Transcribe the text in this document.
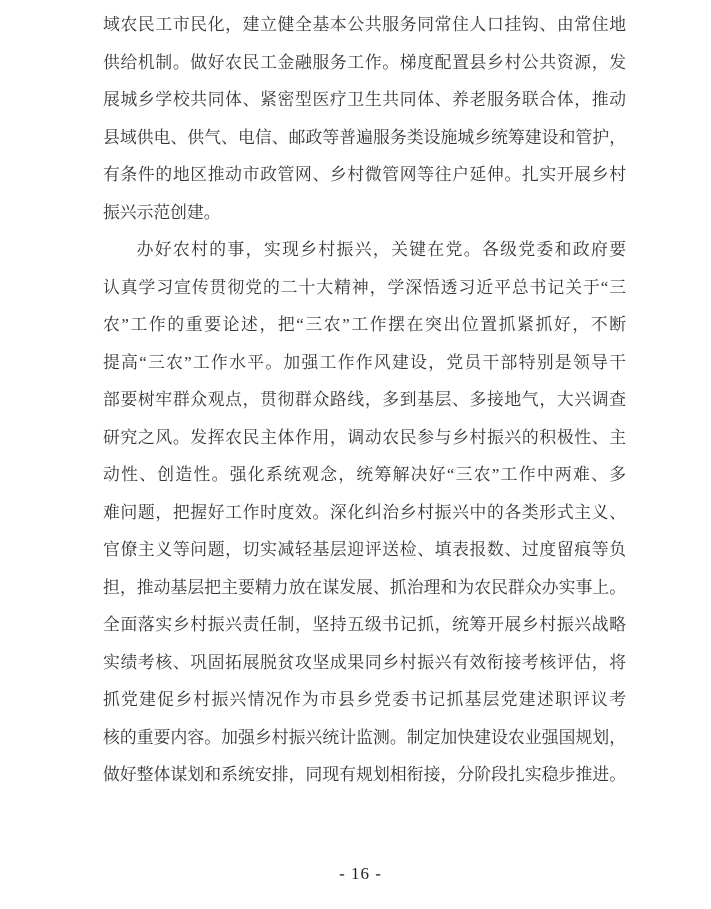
域农民工市民化，建立健全基本公共服务同常住人口挂钩、由常住地
供给机制。做好农民工金融服务工作。梯度配置县乡村公共资源，发
展城乡学校共同体、紧密型医疗卫生共同体、养老服务联合体，推动
县域供电、供气、电信、邮政等普遍服务类设施城乡统筹建设和管护，
有条件的地区推动市政管网、乡村微管网等往户延伸。扎实开展乡村
振兴示范创建。
办好农村的事，实现乡村振兴，关键在党。各级党委和政府要
认真学习宣传贯彻党的二十大精神，学深悟透习近平总书记关于“三
农”工作的重要论述，把“三农”工作摆在突出位置抓紧抓好，不断
提高“三农”工作水平。加强工作作风建设，党员干部特别是领导干
部要树牢群众观点，贯彻群众路线，多到基层、多接地气，大兴调查
研究之风。发挥农民主体作用，调动农民参与乡村振兴的积极性、主
动性、创造性。强化系统观念，统筹解决好“三农”工作中两难、多
难问题，把握好工作时度效。深化纠治乡村振兴中的各类形式主义、
官僚主义等问题，切实减轻基层迎评送检、填表报数、过度留痕等负
担，推动基层把主要精力放在谋发展、抓治理和为农民群众办实事上。
全面落实乡村振兴责任制，坚持五级书记抓，统筹开展乡村振兴战略
实绩考核、巩固拓展脱贫攻坚成果同乡村振兴有效衔接考核评估，将
抓党建促乡村振兴情况作为市县乡党委书记抓基层党建述职评议考
核的重要内容。加强乡村振兴统计监测。制定加快建设农业强国规划，
做好整体谋划和系统安排，同现有规划相衔接，分阶段扎实稳步推进。
- 16 -
